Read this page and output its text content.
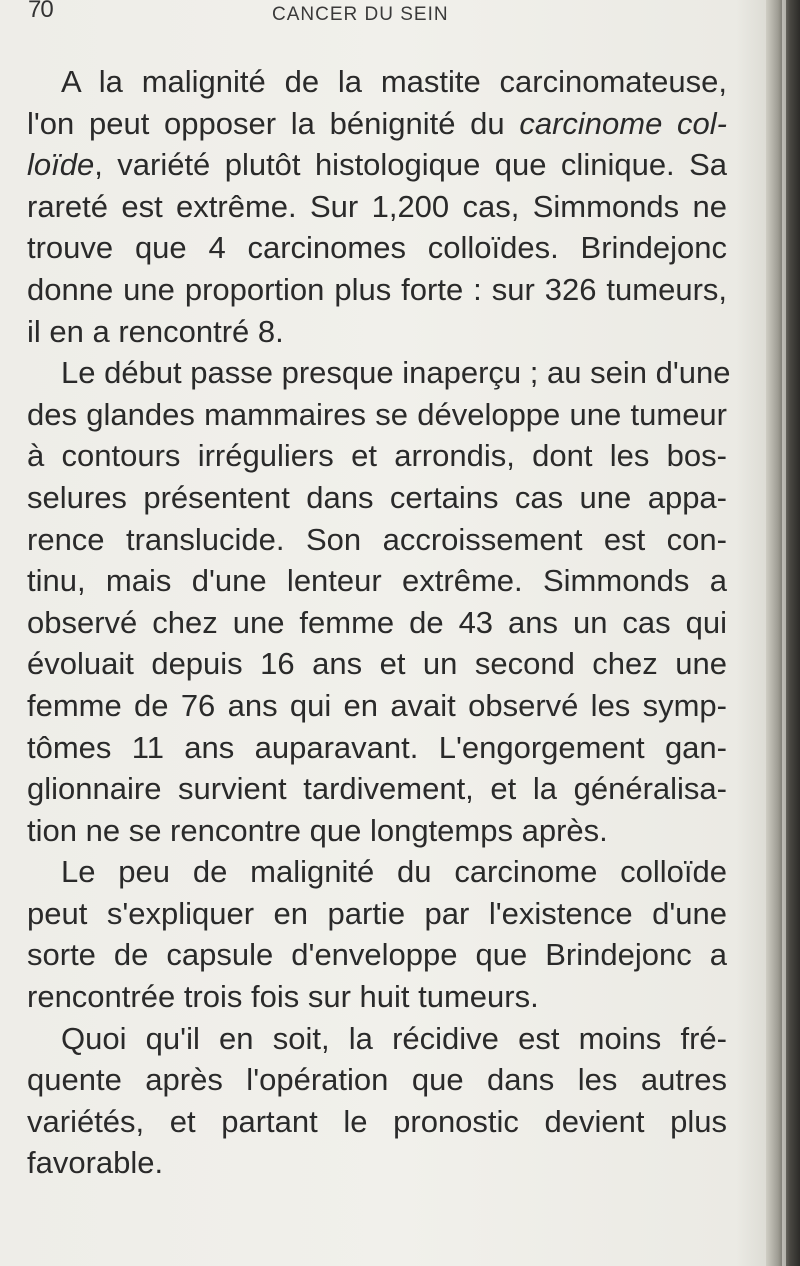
70	CANCER DU SEIN
A la malignité de la mastite carcinomateuse,
l'on peut opposer la bénignité du carcinome col-
loïde, variété plutôt histologique que clinique. Sa
rareté est extrême. Sur 1,200 cas, Simmonds ne
trouve que 4 carcinomes colloïdes. Brindejonc
donne une proportion plus forte : sur 326 tumeurs,
il en a rencontré 8.
Le début passe presque inaperçu ; au sein d'une
des glandes mammaires se développe une tumeur
à contours irréguliers et arrondis, dont les bos-
selures présentent dans certains cas une appa-
rence translucide. Son accroissement est con-
tinu, mais d'une lenteur extrême. Simmonds a
observé chez une femme de 43 ans un cas qui
évoluait depuis 16 ans et un second chez une
femme de 76 ans qui en avait observé les symp-
tômes 11 ans auparavant. L'engorgement gan-
glionnaire survient tardivement, et la généralisa-
tion ne se rencontre que longtemps après.
Le peu de malignité du carcinome colloïde
peut s'expliquer en partie par l'existence d'une
sorte de capsule d'enveloppe que Brindejonc a
rencontrée trois fois sur huit tumeurs.
Quoi qu'il en soit, la récidive est moins fré-
quente après l'opération que dans les autres
variétés, et partant le pronostic devient plus
favorable.
